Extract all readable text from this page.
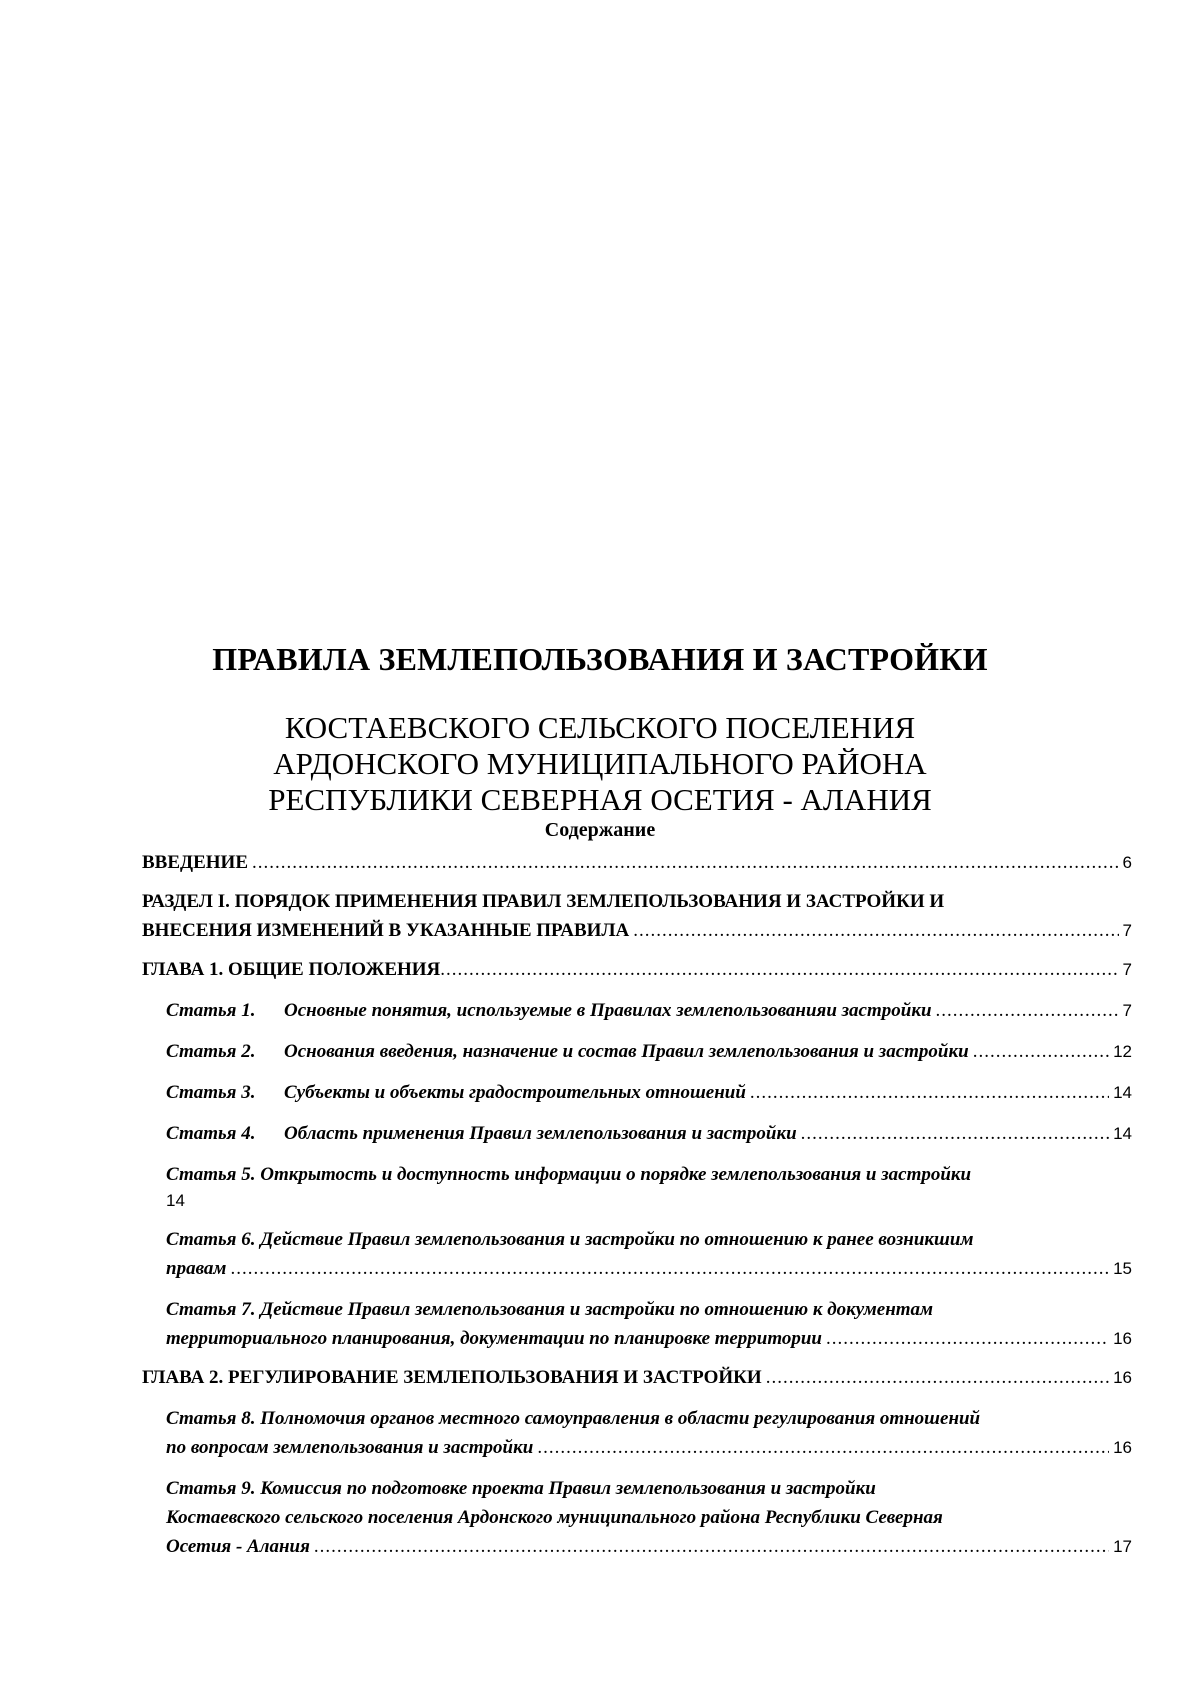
ПРАВИЛА ЗЕМЛЕПОЛЬЗОВАНИЯ И ЗАСТРОЙКИ
КОСТАЕВСКОГО СЕЛЬСКОГО ПОСЕЛЕНИЯ
АРДОНСКОГО МУНИЦИПАЛЬНОГО РАЙОНА
РЕСПУБЛИКИ СЕВЕРНАЯ ОСЕТИЯ - АЛАНИЯ
Содержание
ВВЕДЕНИЕ .....	6
РАЗДЕЛ I. ПОРЯДОК ПРИМЕНЕНИЯ ПРАВИЛ ЗЕМЛЕПОЛЬЗОВАНИЯ И ЗАСТРОЙКИ И
ВНЕСЕНИЯ ИЗМЕНЕНИЙ В УКАЗАННЫЕ ПРАВИЛА .....	7
ГЛАВА 1. ОБЩИЕ ПОЛОЖЕНИЯ .....	7
Статья 1. Основные понятия, используемые в Правилах землепользованияи застройки .....	7
Статья 2. Основания введения, назначение и состав Правил землепользования и застройки .....	12
Статья 3. Субъекты и объекты градостроительных отношений .....	14
Статья 4. Область применения Правил землепользования и застройки .....	14
Статья 5. Открытость и доступность информации о порядке землепользования и застройки
14
Статья 6. Действие Правил землепользования и застройки по отношению к ранее возникшим
правам .....	15
Статья 7. Действие Правил землепользования и застройки по отношению к документам
территориального планирования, документации по планировке территории .....	16
ГЛАВА 2. РЕГУЛИРОВАНИЕ ЗЕМЛЕПОЛЬЗОВАНИЯ И ЗАСТРОЙКИ .....	16
Статья 8. Полномочия органов местного самоуправления в области регулирования отношений
по вопросам землепользования и застройки .....	16
Статья 9. Комиссия по подготовке проекта Правил землепользования и застройки
Костаевского сельского поселения Ардонского муниципального района Республики Северная
Осетия - Алания .....	17
